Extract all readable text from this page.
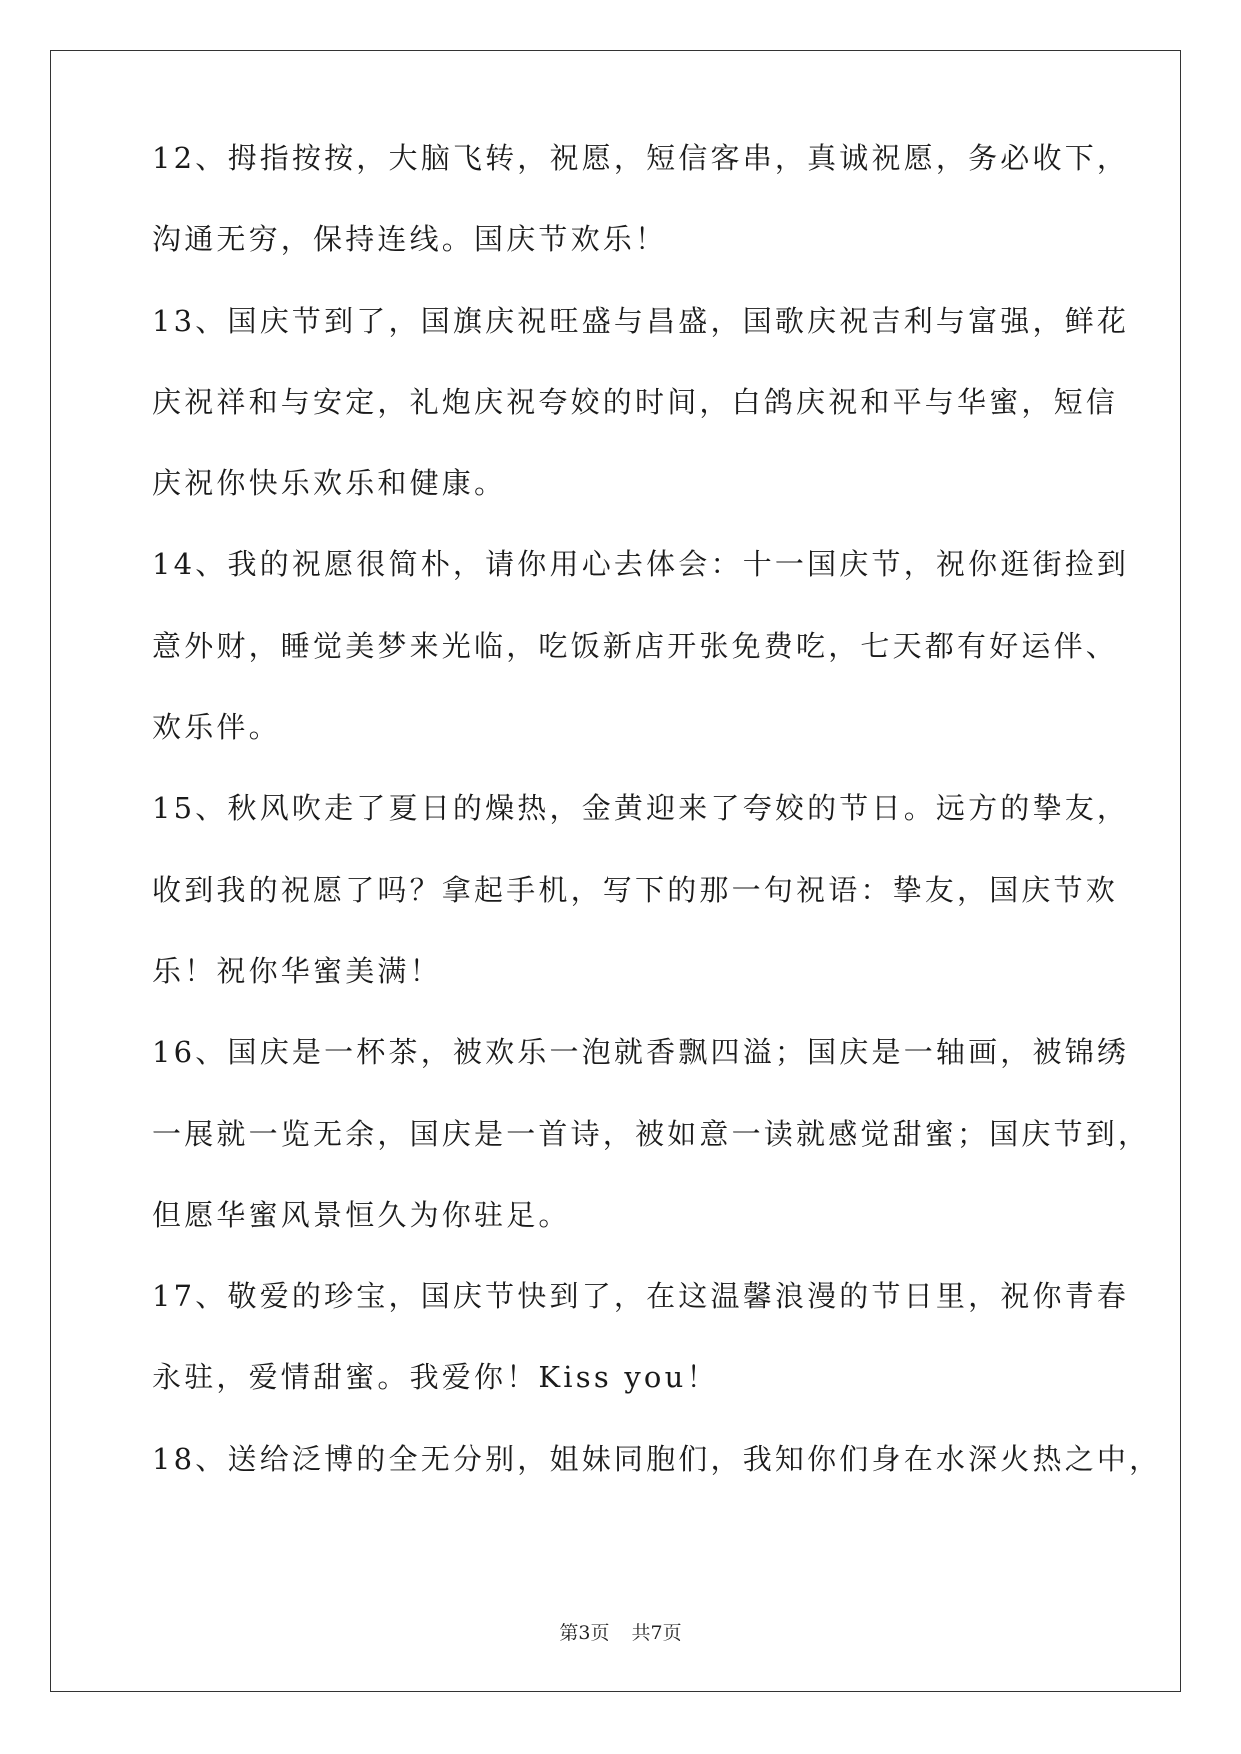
12、拇指按按，大脑飞转，祝愿，短信客串，真诚祝愿，务必收下，

沟通无穷，保持连线。国庆节欢乐！

13、国庆节到了，国旗庆祝旺盛与昌盛，国歌庆祝吉利与富强，鲜花

庆祝祥和与安定，礼炮庆祝夸姣的时间，白鸽庆祝和平与华蜜，短信

庆祝你快乐欢乐和健康。

14、我的祝愿很简朴，请你用心去体会：十一国庆节，祝你逛街捡到

意外财，睡觉美梦来光临，吃饭新店开张免费吃，七天都有好运伴、

欢乐伴。

15、秋风吹走了夏日的燥热，金黄迎来了夸姣的节日。远方的挚友，

收到我的祝愿了吗？拿起手机，写下的那一句祝语：挚友，国庆节欢

乐！祝你华蜜美满！

16、国庆是一杯茶，被欢乐一泡就香飘四溢；国庆是一轴画，被锦绣

一展就一览无余，国庆是一首诗，被如意一读就感觉甜蜜；国庆节到，

但愿华蜜风景恒久为你驻足。

17、敬爱的珍宝，国庆节快到了，在这温馨浪漫的节日里，祝你青春

永驻，爱情甜蜜。我爱你！Kiss you！

18、送给泛博的全无分别，姐妹同胞们，我知你们身在水深火热之中，

第3页 共7页
